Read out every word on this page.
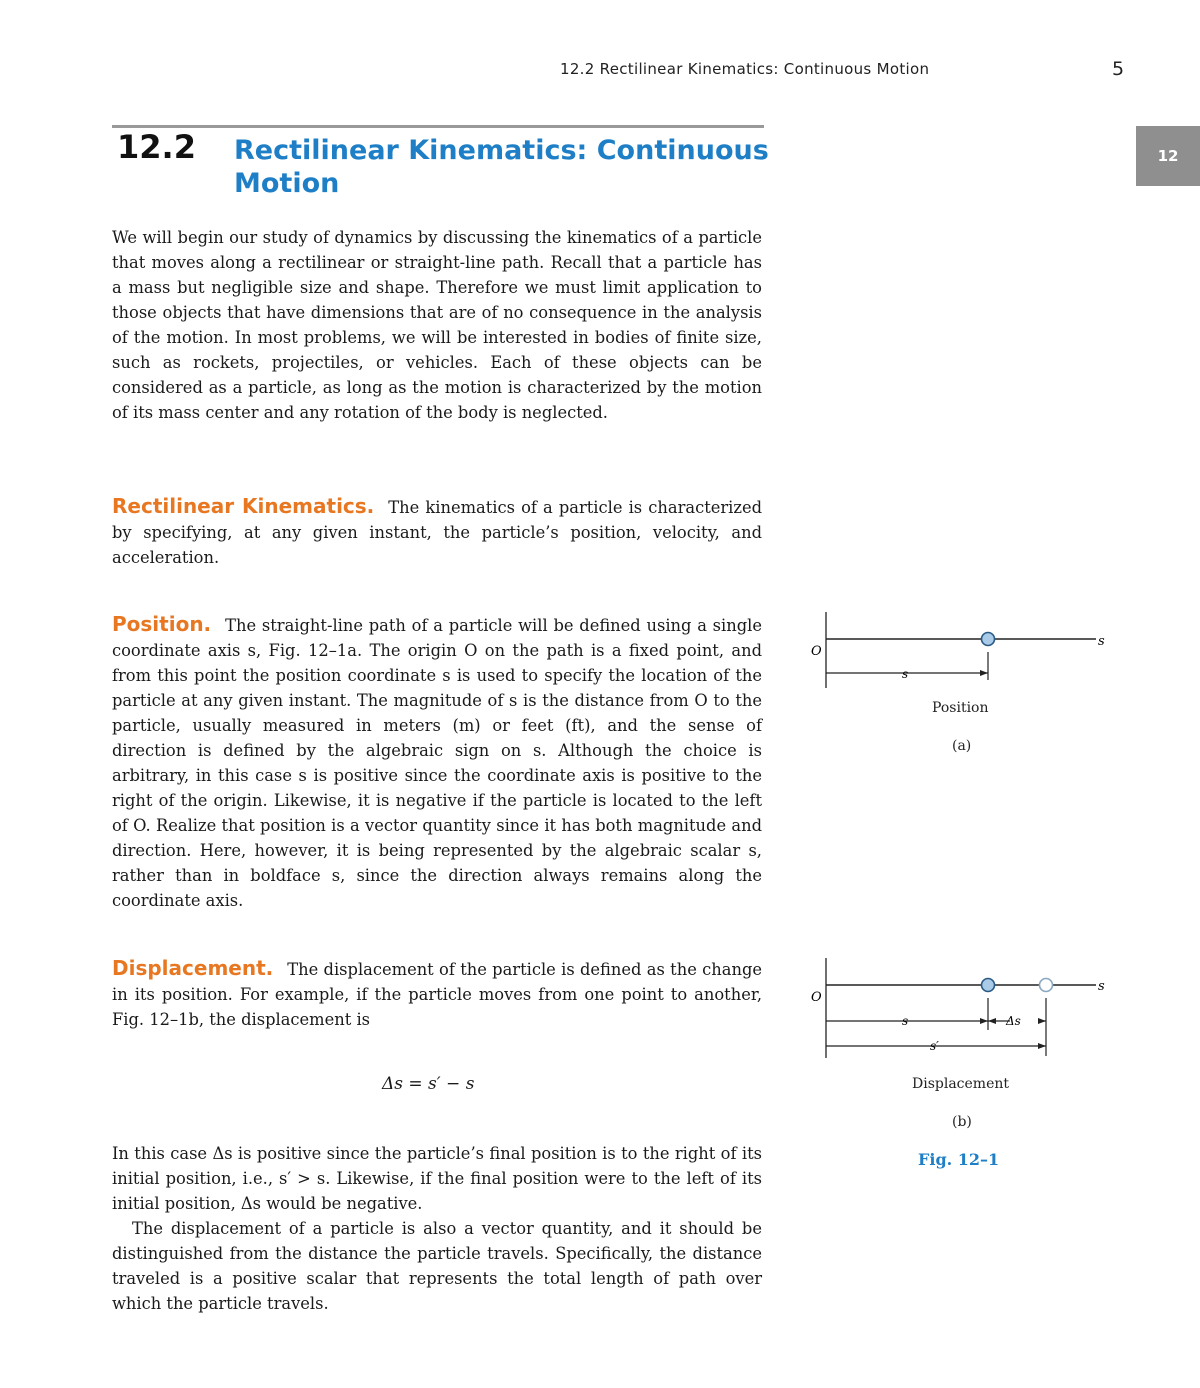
12.2 Rectilinear Kinematics: Continuous Motion	5
12
12.2 Rectilinear Kinematics: Continuous Motion

We will begin our study of dynamics by discussing the kinematics of a particle that moves along a rectilinear or straight-line path. Recall that a particle has a mass but negligible size and shape. Therefore we must limit application to those objects that have dimensions that are of no consequence in the analysis of the motion. In most problems, we will be interested in bodies of finite size, such as rockets, projectiles, or vehicles. Each of these objects can be considered as a particle, as long as the motion is characterized by the motion of its mass center and any rotation of the body is neglected.

Rectilinear Kinematics. The kinematics of a particle is characterized by specifying, at any given instant, the particle’s position, velocity, and acceleration.

Position. The straight-line path of a particle will be defined using a single coordinate axis s, Fig. 12–1a. The origin O on the path is a fixed point, and from this point the position coordinate s is used to specify the location of the particle at any given instant. The magnitude of s is the distance from O to the particle, usually measured in meters (m) or feet (ft), and the sense of direction is defined by the algebraic sign on s. Although the choice is arbitrary, in this case s is positive since the coordinate axis is positive to the right of the origin. Likewise, it is negative if the particle is located to the left of O. Realize that position is a vector quantity since it has both magnitude and direction. Here, however, it is being represented by the algebraic scalar s, rather than in boldface s, since the direction always remains along the coordinate axis.

Displacement. The displacement of the particle is defined as the change in its position. For example, if the particle moves from one point to another, Fig. 12–1b, the displacement is

Δs = s′ − s

In this case Δs is positive since the particle’s final position is to the right of its initial position, i.e., s′ > s. Likewise, if the final position were to the left of its initial position, Δs would be negative.

The displacement of a particle is also a vector quantity, and it should be distinguished from the distance the particle travels. Specifically, the distance traveled is a positive scalar that represents the total length of path over which the particle travels.

s
O
s
Position
(a)
s
O
s	Δs
s′
Displacement
(b)
Fig. 12–1
